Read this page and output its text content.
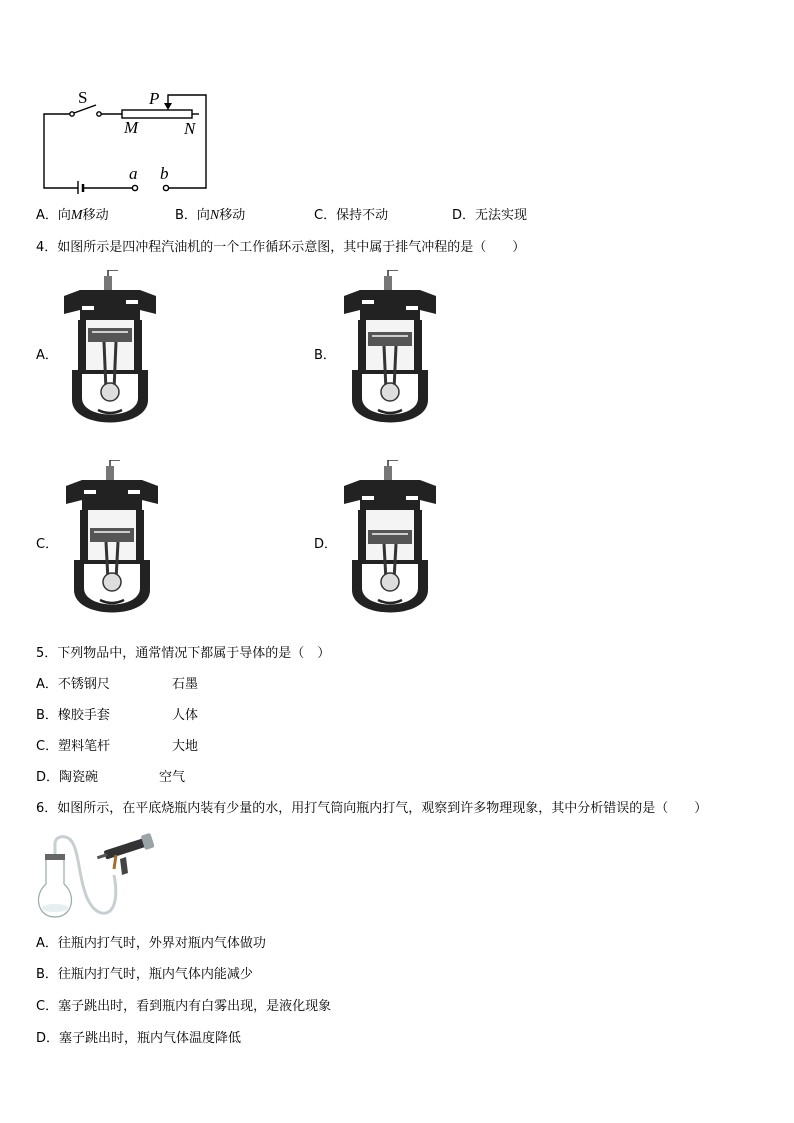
S	P
M	N
a b
A．向M移动	B．向N移动	C．保持不动	D．无法实现
4．如图所示是四冲程汽油机的一个工作循环示意图，其中属于排气冲程的是（　　）
A．	B．
C．	D．
5．下列物品中，通常情况下都属于导体的是（　）
A．不锈钢尺	石墨
B．橡胶手套	人体
C．塑料笔杆	大地
D．陶瓷碗	空气
6．如图所示，在平底烧瓶内装有少量的水，用打气筒向瓶内打气，观察到许多物理现象，其中分析错误的是（　　）
A．往瓶内打气时，外界对瓶内气体做功
B．往瓶内打气时，瓶内气体内能减少
C．塞子跳出时，看到瓶内有白雾出现，是液化现象
D．塞子跳出时，瓶内气体温度降低
